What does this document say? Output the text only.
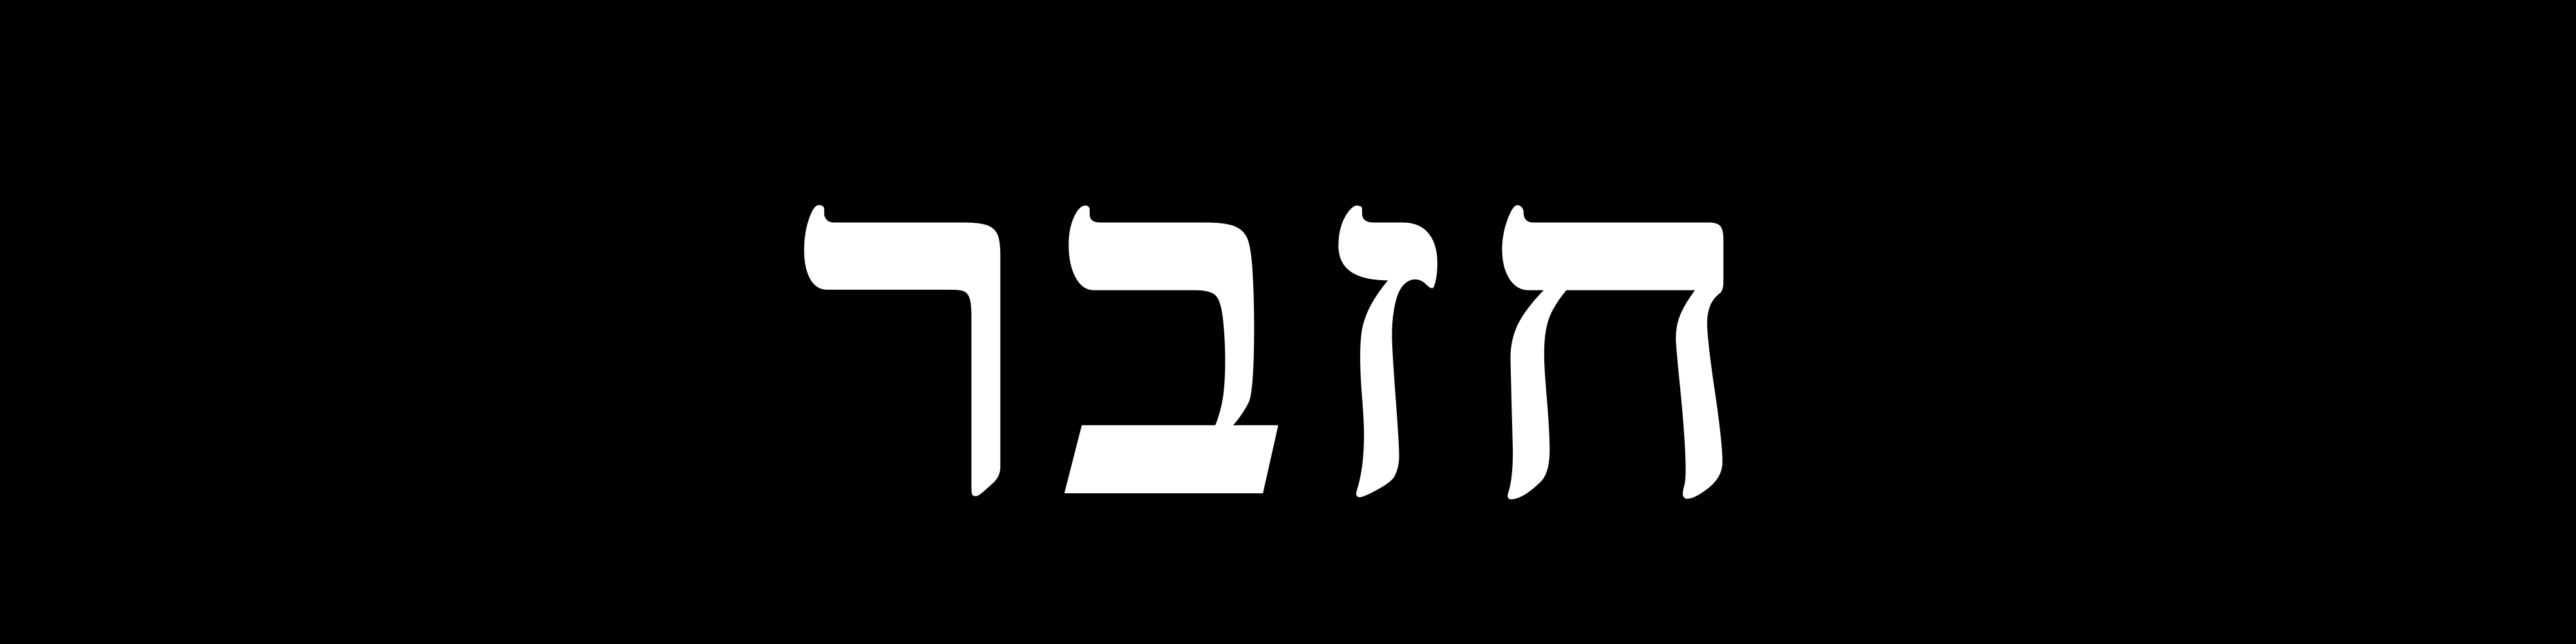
ח
ז
ב
ר
